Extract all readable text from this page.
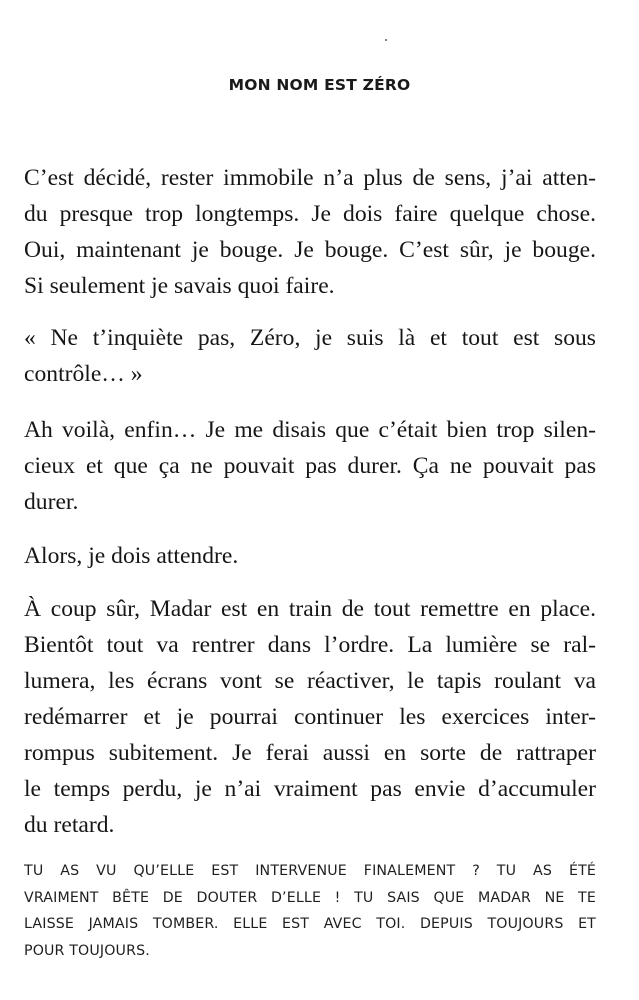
MON NOM EST ZÉRO

C’est décidé, rester immobile n’a plus de sens, j’ai atten-
du presque trop longtemps. Je dois faire quelque chose.
Oui, maintenant je bouge. Je bouge. C’est sûr, je bouge.
Si seulement je savais quoi faire.

« Ne t’inquiète pas, Zéro, je suis là et tout est sous
contrôle… »

Ah voilà, enfin… Je me disais que c’était bien trop silen-
cieux et que ça ne pouvait pas durer. Ça ne pouvait pas
durer.

Alors, je dois attendre.

À coup sûr, Madar est en train de tout remettre en place.
Bientôt tout va rentrer dans l’ordre. La lumière se ral-
lumera, les écrans vont se réactiver, le tapis roulant va
redémarrer et je pourrai continuer les exercices inter-
rompus subitement. Je ferai aussi en sorte de rattraper
le temps perdu, je n’ai vraiment pas envie d’accumuler
du retard.

TU AS VU QU’ELLE EST INTERVENUE FINALEMENT ? TU AS ÉTÉ
VRAIMENT BÊTE DE DOUTER D’ELLE ! TU SAIS QUE MADAR NE TE
LAISSE JAMAIS TOMBER. ELLE EST AVEC TOI. DEPUIS TOUJOURS ET
POUR TOUJOURS.
